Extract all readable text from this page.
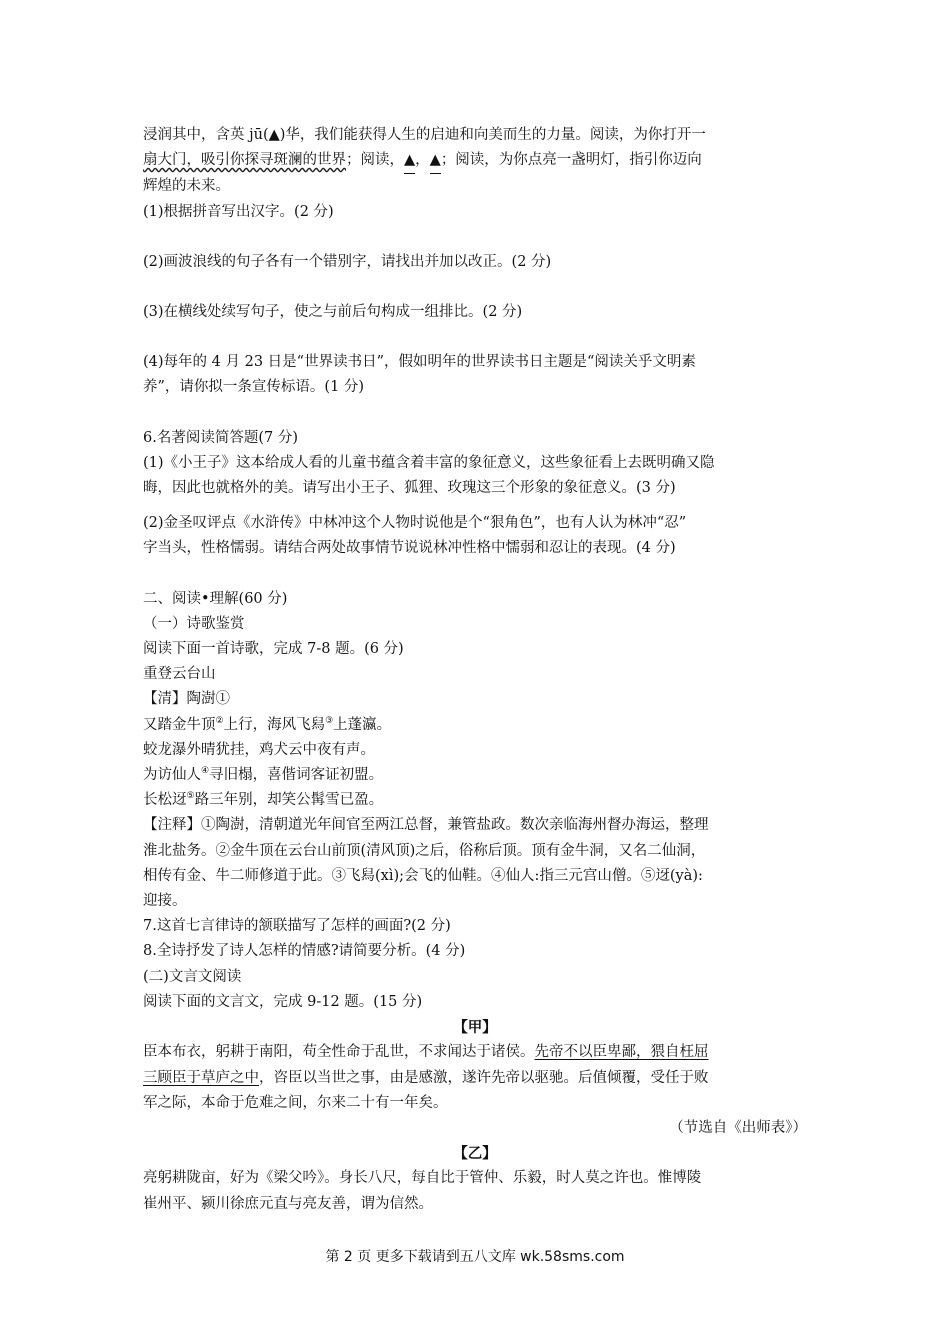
浸润其中，含英 jū(▲)华，我们能获得人生的启迪和向美而生的力量。阅读，为你打开一
扇大门，吸引你探寻斑澜的世界；阅读，▲，▲；阅读，为你点亮一盏明灯，指引你迈向
辉煌的未来。
(1)根据拼音写出汉字。(2 分)
(2)画波浪线的句子各有一个错别字，请找出并加以改正。(2 分)
(3)在横线处续写句子，使之与前后句构成一组排比。(2 分)
(4)每年的 4 月 23 日是“世界读书日”，假如明年的世界读书日主题是“阅读关乎文明素
养”，请你拟一条宣传标语。(1 分)
6.名著阅读简答题(7 分)
(1)《小王子》这本给成人看的儿童书蕴含着丰富的象征意义，这些象征看上去既明确又隐
晦，因此也就格外的美。请写出小王子、狐狸、玫瑰这三个形象的象征意义。(3 分)
(2)金圣叹评点《水浒传》中林冲这个人物时说他是个“狠角色”，也有人认为林冲“忍”
字当头，性格懦弱。请结合两处故事情节说说林冲性格中懦弱和忍让的表现。(4 分)
二、阅读•理解(60 分)
（一）诗歌鉴赏
阅读下面一首诗歌，完成 7-8 题。(6 分)
重登云台山
【清】陶澍①
又踏金牛顶②上行，海风飞舄③上蓬瀛。
蛟龙瀑外晴犹挂，鸡犬云中夜有声。
为访仙人④寻旧榻，喜偕词客证初盟。
长松迓⑤路三年别，却笑公髯雪已盈。
【注释】①陶澍，清朝道光年间官至两江总督，兼管盐政。数次亲临海州督办海运，整理
淮北盐务。②金牛顶在云台山前顶(清风顶)之后，俗称后顶。顶有金牛洞，又名二仙洞，
相传有金、牛二师修道于此。③飞舄(xì);会飞的仙鞋。④仙人:指三元宫山僧。⑤迓(yà):
迎接。
7.这首七言律诗的颔联描写了怎样的画面?(2 分)
8.全诗抒发了诗人怎样的情感?请简要分析。(4 分)
(二)文言文阅读
阅读下面的文言文，完成 9-12 题。(15 分)
【甲】
臣本布衣，躬耕于南阳，苟全性命于乱世，不求闻达于诸侯。先帝不以臣卑鄙，猥自枉屈
三顾臣于草庐之中，咨臣以当世之事，由是感激，遂许先帝以驱驰。后值倾覆，受任于败
军之际，本命于危难之间，尔来二十有一年矣。
（节选自《出师表》）
【乙】
亮躬耕陇亩，好为《梁父吟》。身长八尺，每自比于管仲、乐毅，时人莫之许也。惟博陵
崔州平、颍川徐庶元直与亮友善，谓为信然。
第 2 页 更多下载请到五八文库 wk.58sms.com
